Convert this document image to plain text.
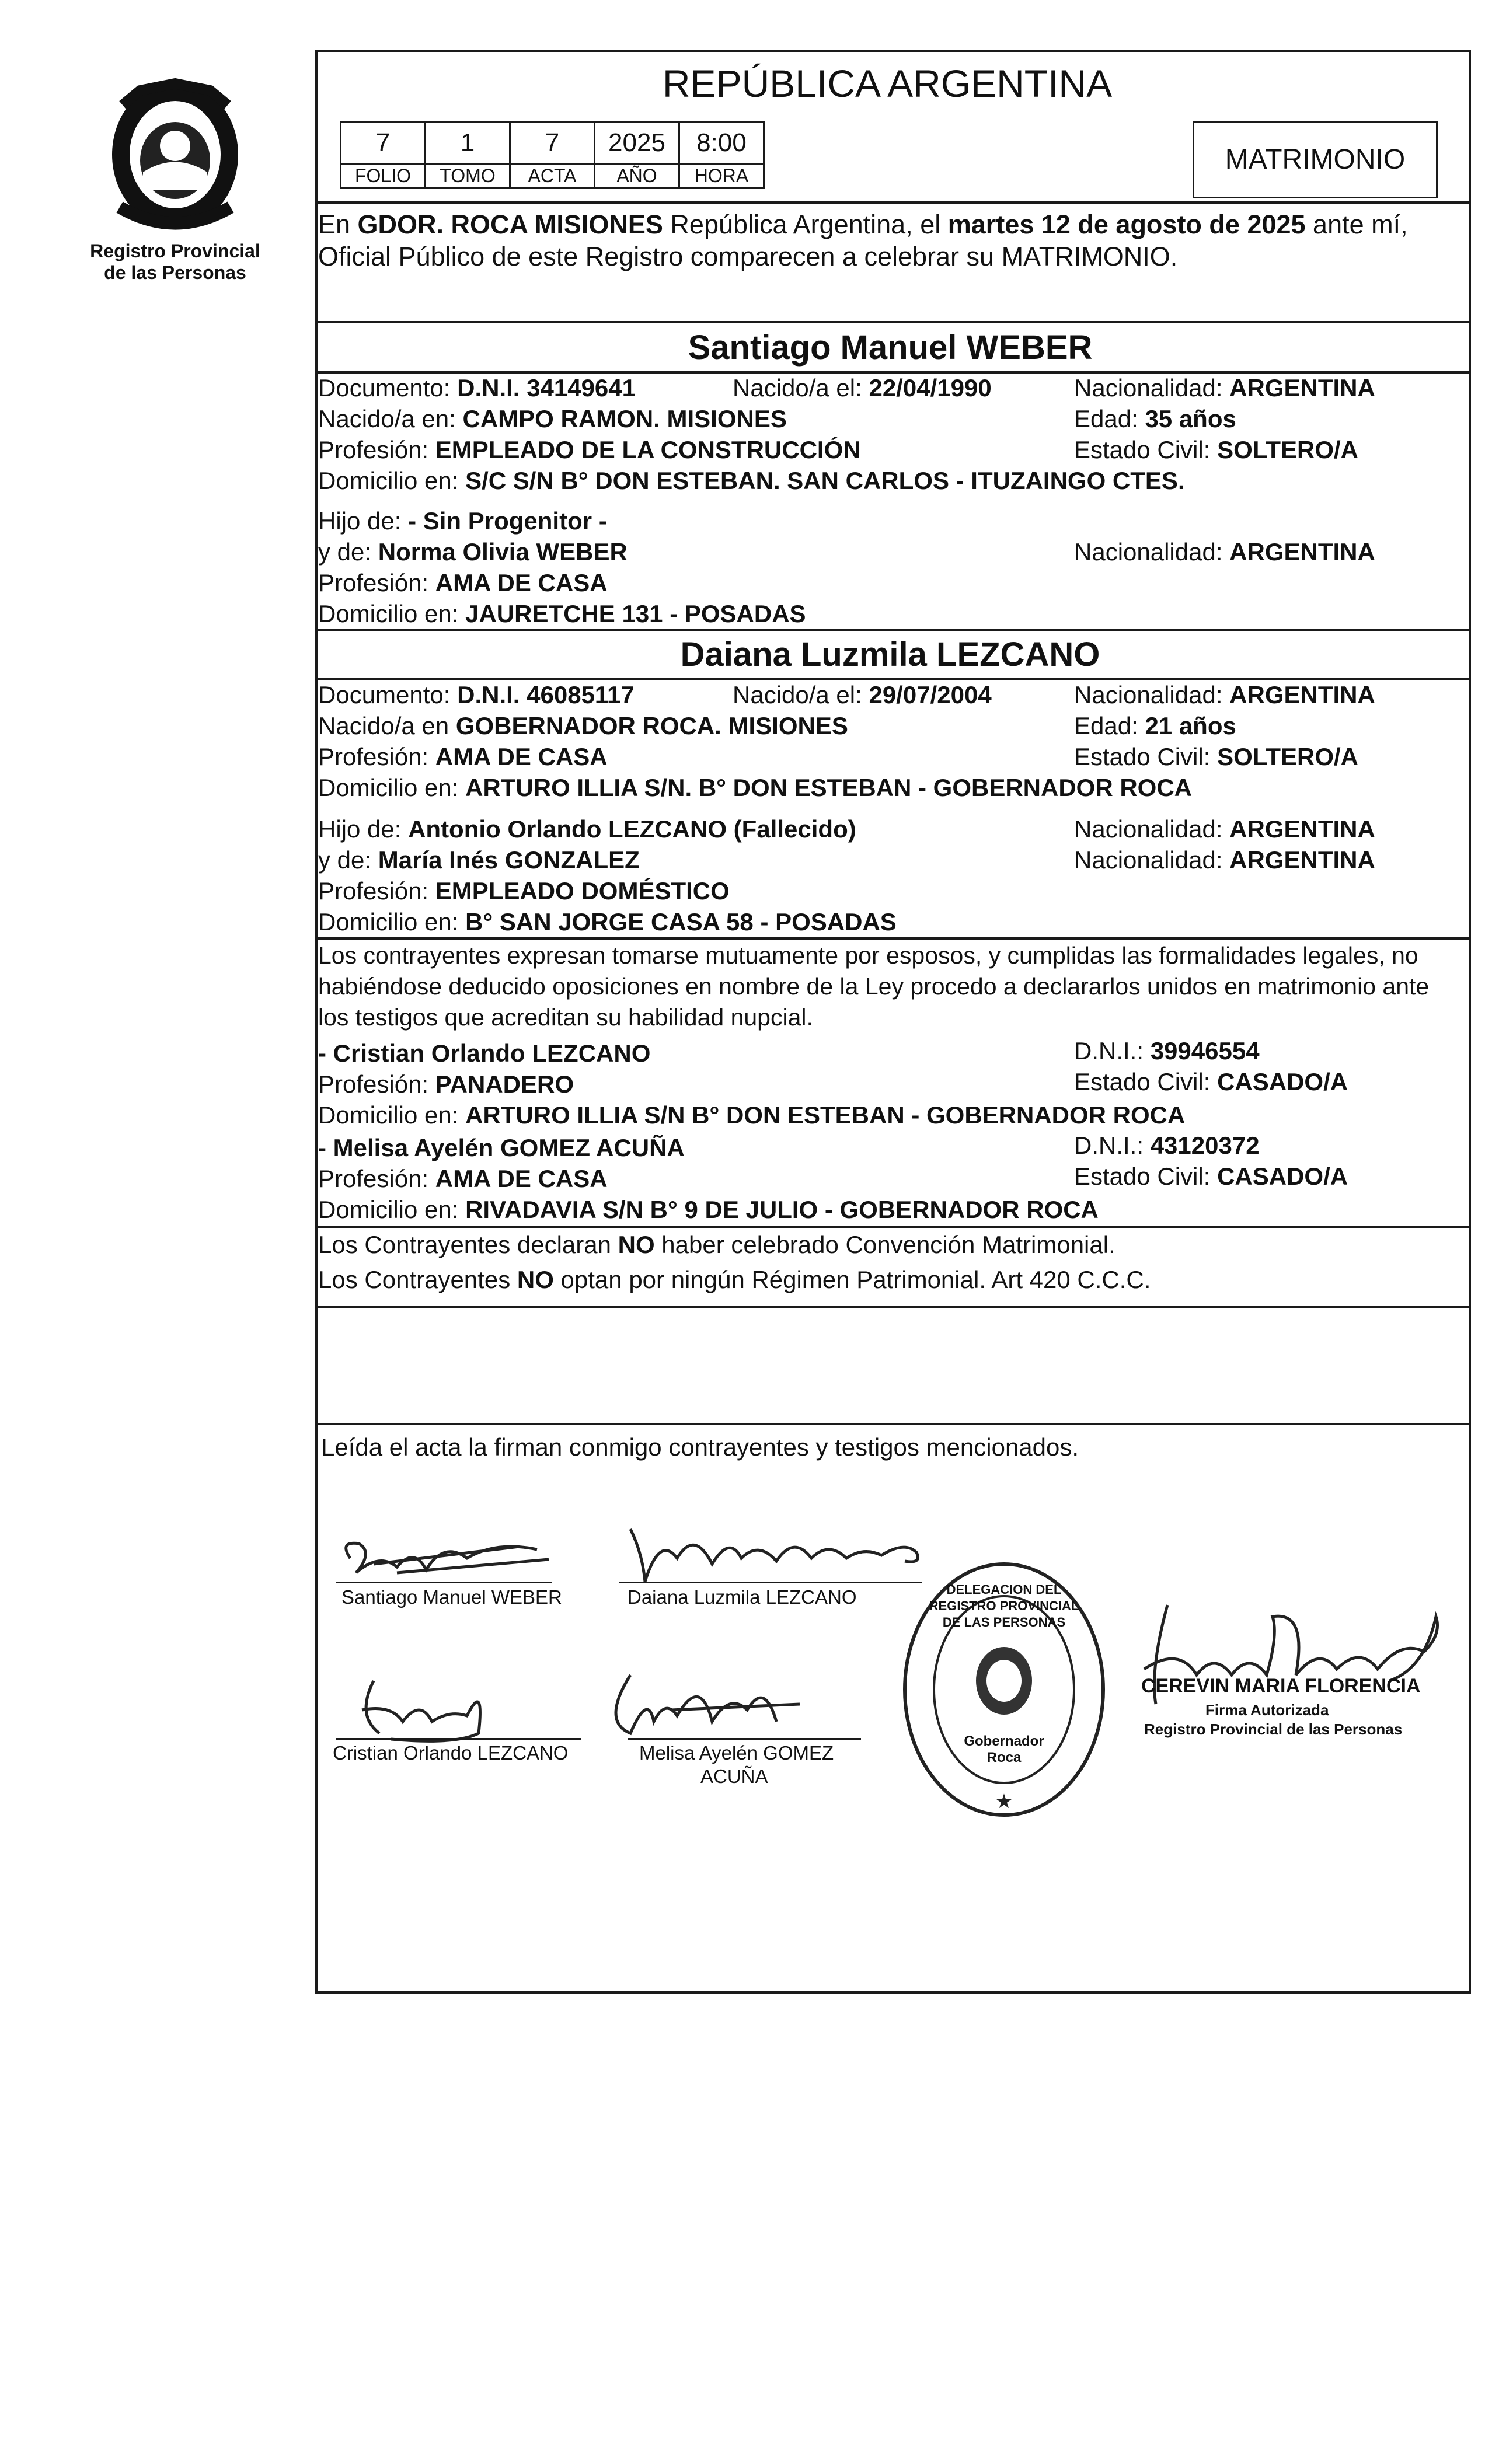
Registro Provincial
de las Personas
REPÚBLICA ARGENTINA
7	1	7	2025	8:00
FOLIO	TOMO	ACTA	AÑO	HORA
MATRIMONIO
En GDOR. ROCA MISIONES República Argentina, el martes 12 de agosto de 2025 ante mí,
Oficial Público de este Registro comparecen a celebrar su MATRIMONIO.
Santiago Manuel WEBER
Documento: D.N.I. 34149641	Nacido/a el: 22/04/1990	Nacionalidad: ARGENTINA
Nacido/a en: CAMPO RAMON. MISIONES	Edad: 35 años
Profesión: EMPLEADO DE LA CONSTRUCCIÓN	Estado Civil: SOLTERO/A
Domicilio en: S/C S/N B° DON ESTEBAN. SAN CARLOS - ITUZAINGO CTES.
Hijo de: - Sin Progenitor -
y de: Norma Olivia WEBER	Nacionalidad: ARGENTINA
Profesión: AMA DE CASA
Domicilio en: JAURETCHE 131 - POSADAS
Daiana Luzmila LEZCANO
Documento: D.N.I. 46085117	Nacido/a el: 29/07/2004	Nacionalidad: ARGENTINA
Nacido/a en GOBERNADOR ROCA. MISIONES	Edad: 21 años
Profesión: AMA DE CASA	Estado Civil: SOLTERO/A
Domicilio en: ARTURO ILLIA S/N. B° DON ESTEBAN - GOBERNADOR ROCA
Hijo de: Antonio Orlando LEZCANO (Fallecido)	Nacionalidad: ARGENTINA
y de: María Inés GONZALEZ	Nacionalidad: ARGENTINA
Profesión: EMPLEADO DOMÉSTICO
Domicilio en: B° SAN JORGE CASA 58 - POSADAS
Los contrayentes expresan tomarse mutuamente por esposos, y cumplidas las formalidades legales, no
habiéndose deducido oposiciones en nombre de la Ley procedo a declararlos unidos en matrimonio ante
los testigos que acreditan su habilidad nupcial.
- Cristian Orlando LEZCANO	D.N.I.: 39946554
Profesión: PANADERO	Estado Civil: CASADO/A
Domicilio en: ARTURO ILLIA S/N B° DON ESTEBAN - GOBERNADOR ROCA
- Melisa Ayelén GOMEZ ACUÑA	D.N.I.: 43120372
Profesión: AMA DE CASA	Estado Civil: CASADO/A
Domicilio en: RIVADAVIA S/N B° 9 DE JULIO - GOBERNADOR ROCA
Los Contrayentes declaran NO haber celebrado Convención Matrimonial.
Los Contrayentes NO optan por ningún Régimen Patrimonial. Art 420 C.C.C.
Leída el acta la firman conmigo contrayentes y testigos mencionados.
Santiago Manuel WEBER	Daiana Luzmila LEZCANO
Cristian Orlando LEZCANO	Melisa Ayelén GOMEZ
ACUÑA
★
DELEGACION DEL REGISTRO PROVINCIAL DE LAS PERSONAS
Gobernador Roca
CEREVIN MARIA FLORENCIA
Firma Autorizada
Registro Provincial de las Personas
